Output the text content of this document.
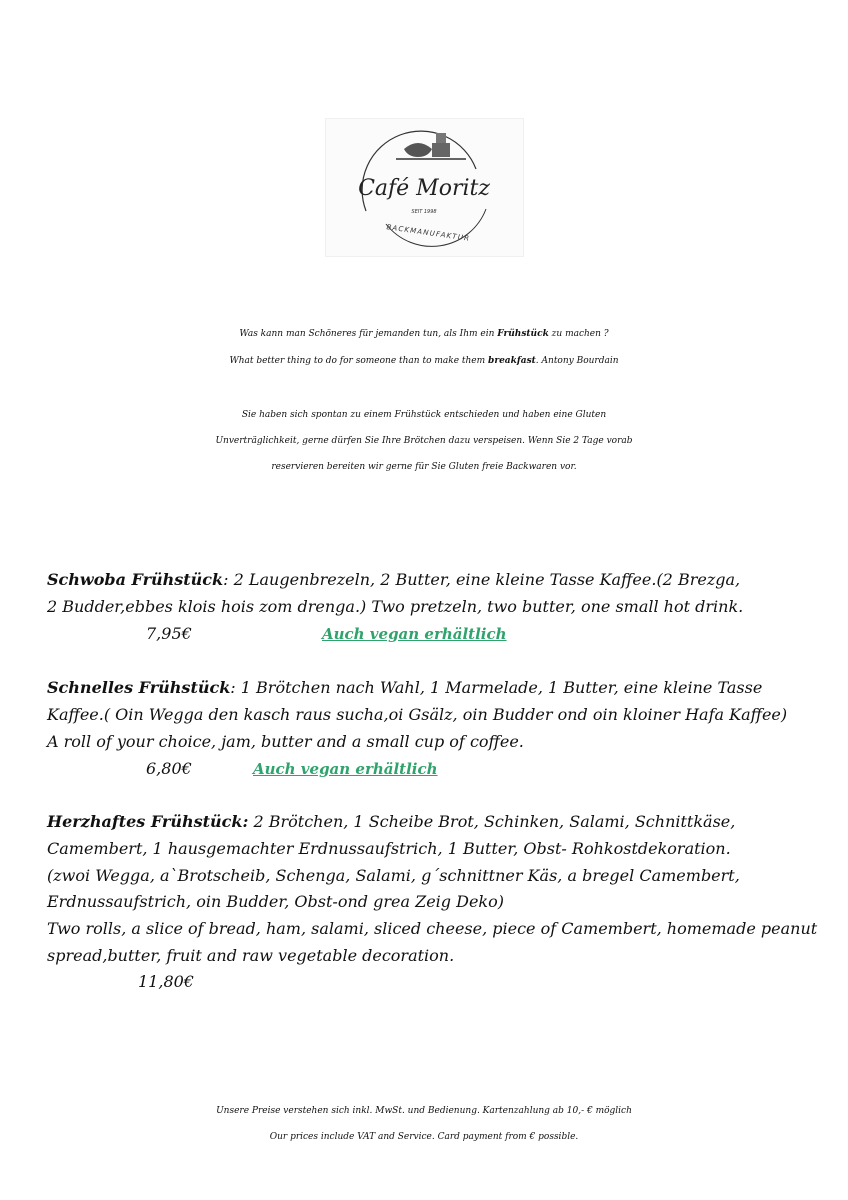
Café Moritz
SEIT 1998
BACKMANUFAKTUR
Was kann man Schöneres für jemanden tun, als Ihm ein Frühstück zu machen ?
What better thing to do for someone than to make them breakfast. Antony Bourdain
Sie haben sich spontan zu einem Frühstück entschieden und haben eine Gluten
Unverträglichkeit, gerne dürfen Sie Ihre Brötchen dazu verspeisen. Wenn Sie 2 Tage vorab
reservieren bereiten wir gerne für Sie Gluten freie Backwaren vor.
Schwoba Frühstück: 2 Laugenbrezeln, 2 Butter, eine kleine Tasse Kaffee.(2 Brezga,
2 Budder,ebbes klois hois zom drenga.) Two pretzeln, two butter, one small hot drink.
7,95€	Auch vegan erhältlich
Schnelles Frühstück: 1 Brötchen nach Wahl, 1 Marmelade, 1 Butter, eine kleine Tasse
Kaffee.( Oin Wegga den kasch raus sucha,oi Gsälz, oin Budder ond oin kloiner Hafa Kaffee)
A roll of your choice, jam, butter and a small cup of coffee.
6,80€	Auch vegan erhältlich
Herzhaftes Frühstück: 2 Brötchen, 1 Scheibe Brot, Schinken, Salami, Schnittkäse,
Camembert, 1 hausgemachter Erdnussaufstrich, 1 Butter, Obst- Rohkostdekoration.
(zwoi Wegga, a`Brotscheib, Schenga, Salami, g´schnittner Käs, a bregel Camembert,
Erdnussaufstrich, oin Budder, Obst-ond grea Zeig Deko)
Two rolls, a slice of bread, ham, salami, sliced cheese, piece of Camembert, homemade peanut
spread,butter, fruit and raw vegetable decoration.
11,80€
Unsere Preise verstehen sich inkl. MwSt. und Bedienung. Kartenzahlung ab 10,- € möglich
Our prices include VAT and Service. Card payment from € possible.
